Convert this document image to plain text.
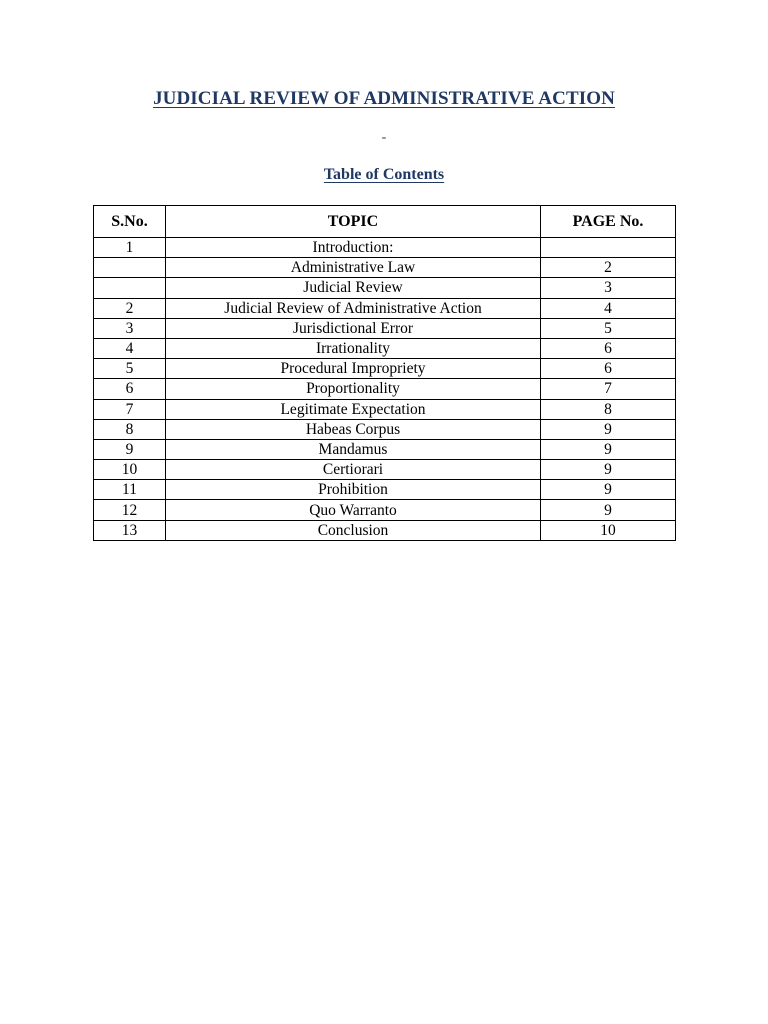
JUDICIAL REVIEW OF ADMINISTRATIVE ACTION
-
Table of Contents
S.No.	TOPIC	PAGE No.
1	Introduction:	
	Administrative Law	2
	Judicial Review	3
2	Judicial Review of Administrative Action	4
3	Jurisdictional Error	5
4	Irrationality	6
5	Procedural Impropriety	6
6	Proportionality	7
7	Legitimate Expectation	8
8	Habeas Corpus	9
9	Mandamus	9
10	Certiorari	9
11	Prohibition	9
12	Quo Warranto	9
13	Conclusion	10
